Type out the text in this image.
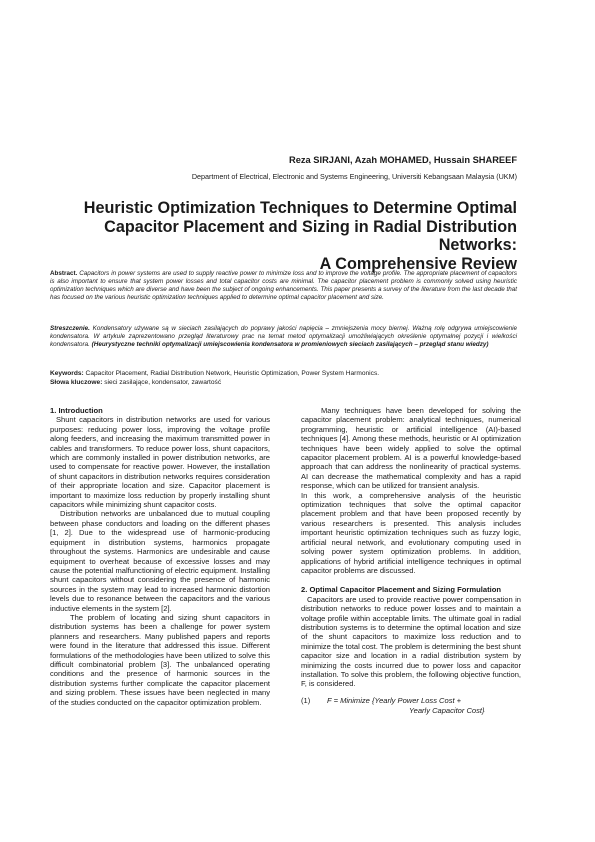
Reza SIRJANI, Azah MOHAMED, Hussain SHAREEF

Department of Electrical, Electronic and Systems Engineering, Universiti Kebangsaan Malaysia (UKM)

Heuristic Optimization Techniques to Determine Optimal
Capacitor Placement and Sizing in Radial Distribution Networks:
A Comprehensive Review

Abstract. Capacitors in power systems are used to supply reactive power to minimize loss and to improve the voltage profile. The appropriate placement of capacitors is also important to ensure that system power losses and total capacitor costs are minimal. The capacitor placement problem is commonly solved using heuristic optimization techniques which are diverse and have been the subject of ongoing enhancements. This paper presents a survey of the literature from the last decade that has focused on the various heuristic optimization techniques applied to determine optimal capacitor placement and size.

Streszczenie. Kondensatory używane są w sieciach zasilających do poprawy jakości napięcia – zmniejszenia mocy biernej. Ważną rolę odgrywa umiejscowienie kondensatora. W artykule zaprezentowano przegląd literaturowy prac na temat metod optymalizacji umożliwiających określenie optymalnej pozycji i wielkości kondensatora. (Heurystyczne techniki optymalizacji umiejscowienia kondensatora w promieniowych sieciach zasilających – przegląd stanu wiedzy)

Keywords: Capacitor Placement, Radial Distribution Network, Heuristic Optimization, Power System Harmonics.
Słowa kluczowe: sieci zasilające, kondensator, zawartość

1. Introduction

Shunt capacitors in distribution networks are used for various purposes: reducing power loss, improving the voltage profile along feeders, and increasing the maximum transmitted power in cables and transformers. To reduce power loss, shunt capacitors, which are commonly installed in power distribution networks, are used to compensate for reactive power. However, the installation of shunt capacitors in distribution networks requires consideration of their appropriate location and size. Capacitor placement is important to maximize loss reduction by properly installing shunt capacitors while minimizing shunt capacitor costs.

Distribution networks are unbalanced due to mutual coupling between phase conductors and loading on the different phases [1, 2]. Due to the widespread use of harmonic-producing equipment in distribution systems, harmonics propagate throughout the systems. Harmonics are undesirable and cause equipment to overheat because of excessive losses and may cause the potential malfunctioning of electric equipment. Installing shunt capacitors without considering the presence of harmonic sources in the system may lead to increased harmonic distortion levels due to resonance between the capacitors and the various inductive elements in the system [2].

The problem of locating and sizing shunt capacitors in distribution systems has been a challenge for power system planners and researchers. Many published papers and reports were found in the literature that addressed this issue. Different formulations of the methodologies have been utilized to solve this difficult combinatorial problem [3]. The unbalanced operating conditions and the presence of harmonic sources in the distribution systems further complicate the capacitor placement and sizing problem. These issues have been neglected in many of the studies conducted on the capacitor optimization problem.

Many techniques have been developed for solving the capacitor placement problem: analytical techniques, numerical programming, heuristic or artificial intelligence (AI)-based techniques [4]. Among these methods, heuristic or AI optimization techniques have been widely applied to solve the optimal capacitor placement problem. AI is a powerful knowledge-based approach that can address the nonlinearity of practical systems. AI can decrease the mathematical complexity and has a rapid response, which can be utilized for transient analysis.

In this work, a comprehensive analysis of the heuristic optimization techniques that solve the optimal capacitor placement problem and that have been proposed recently by various researchers is presented. This analysis includes important heuristic optimization techniques such as fuzzy logic, artificial neural network, and evolutionary computing used in solving power system optimization problems. In addition, applications of hybrid artificial intelligence techniques in optimal capacitor problems are discussed.

2. Optimal Capacitor Placement and Sizing Formulation

Capacitors are used to provide reactive power compensation in distribution networks to reduce power losses and to maintain a voltage profile within acceptable limits. The ultimate goal in radial distribution systems is to determine the optimal location and size of the shunt capacitors to maximize loss reduction and to minimize the total cost. The problem is determining the best shunt capacitor size and location in a radial distribution system by minimizing the costs incurred due to power loss and capacitor installation. To solve this problem, the following objective function, F, is considered.

(1) F = Minimize {Yearly Power Loss Cost +
Yearly Capacitor Cost}
